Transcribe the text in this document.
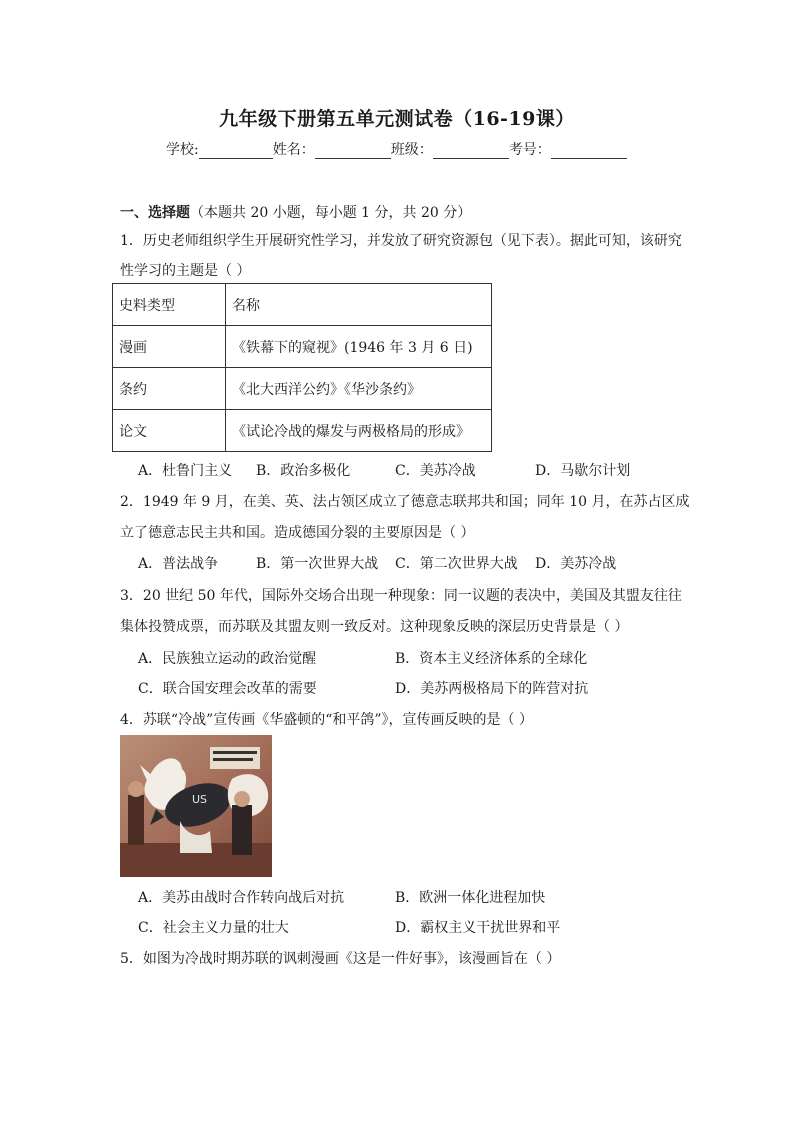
九年级下册第五单元测试卷（16-19课）
学校:	姓名：	班级：	考号：
一、选择题（本题共 20 小题，每小题 1 分，共 20 分）
1．历史老师组织学生开展研究性学习，并发放了研究资源包（见下表）。据此可知，该研究
性学习的主题是（ ）
史料类型	名称
漫画	《铁幕下的窥视》(1946 年 3 月 6 日)
条约	《北大西洋公约》《华沙条约》
论文	《试论冷战的爆发与两极格局的形成》
A．杜鲁门主义 B．政治多极化	C．美苏冷战	D．马歇尔计划
2．1949 年 9 月，在美、英、法占领区成立了德意志联邦共和国；同年 10 月，在苏占区成
立了德意志民主共和国。造成德国分裂的主要原因是（ ）
A．普法战争	B．第一次世界大战 C．第二次世界大战 D．美苏冷战
3．20 世纪 50 年代，国际外交场合出现一种现象：同一议题的表决中，美国及其盟友往往
集体投赞成票，而苏联及其盟友则一致反对。这种现象反映的深层历史背景是（ ）
A．民族独立运动的政治觉醒	B．资本主义经济体系的全球化
C．联合国安理会改革的需要	D．美苏两极格局下的阵营对抗
4．苏联“冷战”宣传画《华盛顿的“和平鸽”》，宣传画反映的是（ ）
US
A．美苏由战时合作转向战后对抗	B．欧洲一体化进程加快
C．社会主义力量的壮大	D．霸权主义干扰世界和平
5．如图为冷战时期苏联的讽刺漫画《这是一件好事》，该漫画旨在（ ）
